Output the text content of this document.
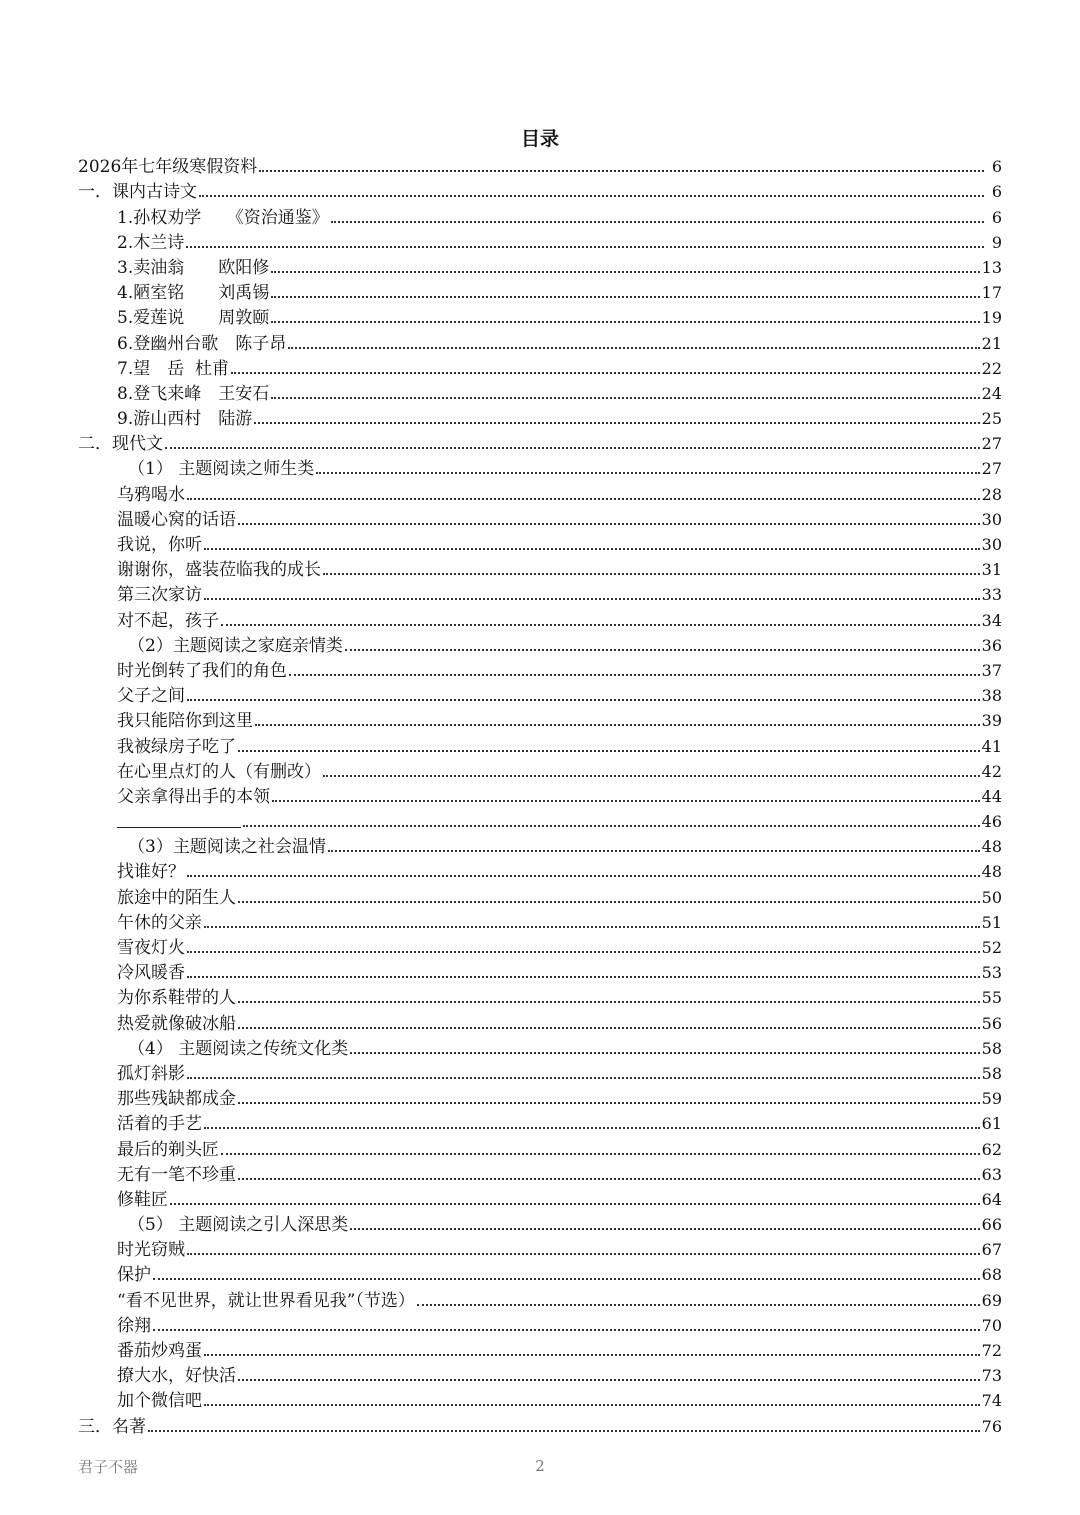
目录
2026年七年级寒假资料	6
一．课内古诗文	6
1.孙权劝学　　《资治通鉴》	6
2.木兰诗	9
3.卖油翁　　欧阳修	13
4.陋室铭　　刘禹锡	17
5.爱莲说　　周敦颐	19
6.登幽州台歌　陈子昂	21
7.望　岳  杜甫	22
8.登飞来峰　王安石	24
9.游山西村　陆游	25
二．现代文	27
（1） 主题阅读之师生类	27
乌鸦喝水	28
温暖心窝的话语	30
我说，你听	30
谢谢你，盛装莅临我的成长	31
第三次家访	33
对不起，孩子	34
（2）主题阅读之家庭亲情类	36
时光倒转了我们的角色	37
父子之间	38
我只能陪你到这里	39
我被绿房子吃了	41
在心里点灯的人（有删改）	42
父亲拿得出手的本领	44
46
（3）主题阅读之社会温情	48
找谁好？	48
旅途中的陌生人	50
午休的父亲	51
雪夜灯火	52
冷风暖香	53
为你系鞋带的人	55
热爱就像破冰船	56
（4） 主题阅读之传统文化类	58
孤灯斜影	58
那些残缺都成金	59
活着的手艺	61
最后的剃头匠	62
无有一笔不珍重	63
修鞋匠	64
（5） 主题阅读之引人深思类	66
时光窃贼	67
保护	68
“看不见世界，就让世界看见我”（节选）	69
徐翔	70
番茄炒鸡蛋	72
撩大水，好快活	73
加个微信吧	74
三．名著	76
君子不器	2
